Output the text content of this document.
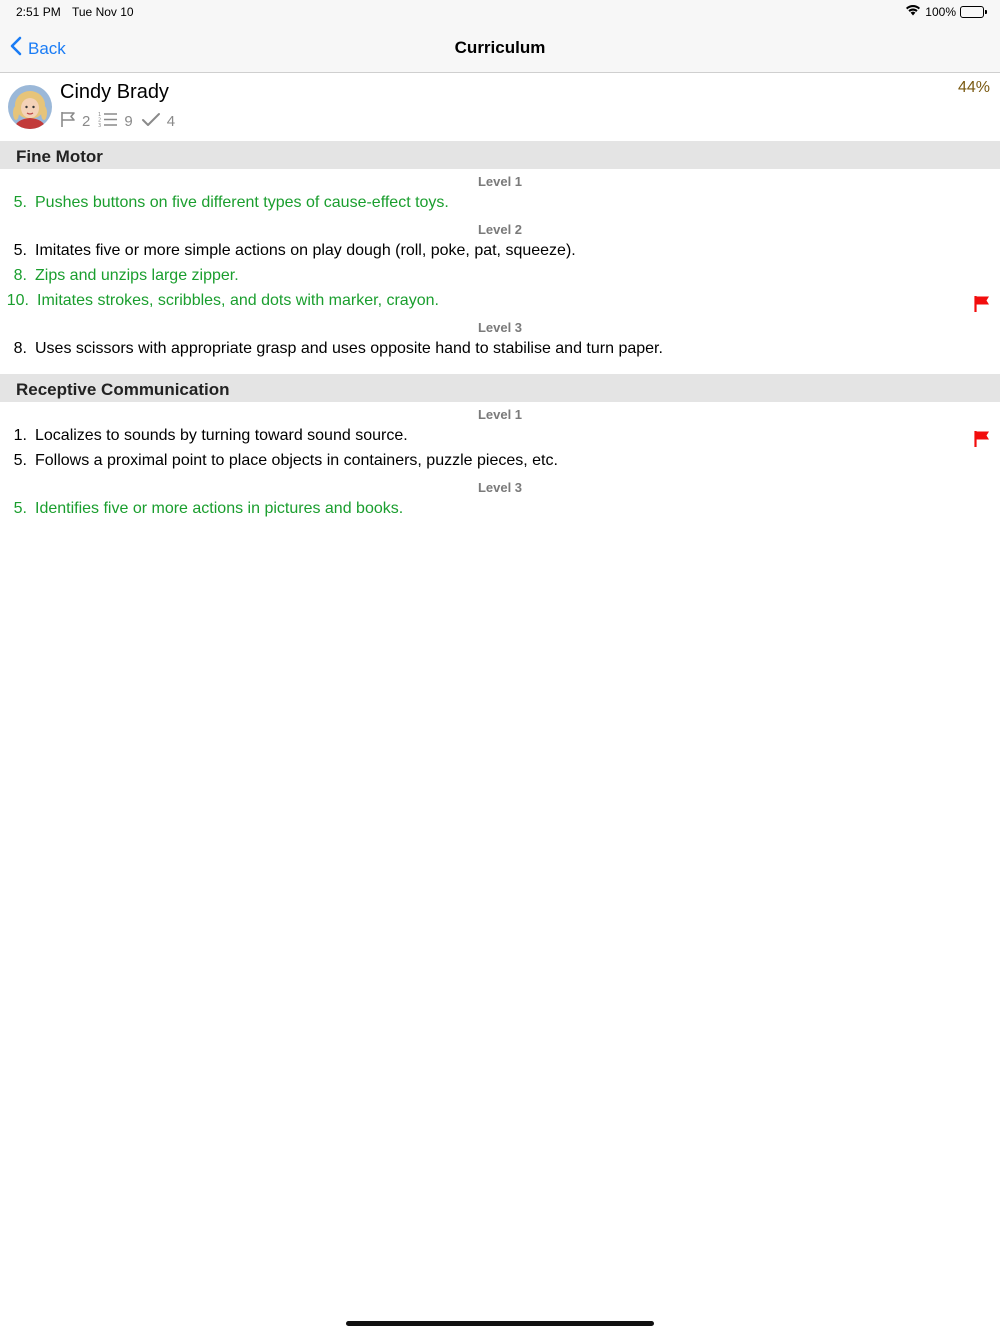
2:51 PM Tue Nov 10	100%
Back	Curriculum
Cindy Brady
2 1
2
3 9 4
44%
Fine Motor
Level 1
5. Pushes buttons on five different types of cause-effect toys.
Level 2
5. Imitates five or more simple actions on play dough (roll, poke, pat, squeeze).
8. Zips and unzips large zipper.
10. Imitates strokes, scribbles, and dots with marker, crayon.
Level 3
8. Uses scissors with appropriate grasp and uses opposite hand to stabilise and turn paper.
Receptive Communication
Level 1
1. Localizes to sounds by turning toward sound source.
5. Follows a proximal point to place objects in containers, puzzle pieces, etc.
Level 3
5. Identifies five or more actions in pictures and books.
